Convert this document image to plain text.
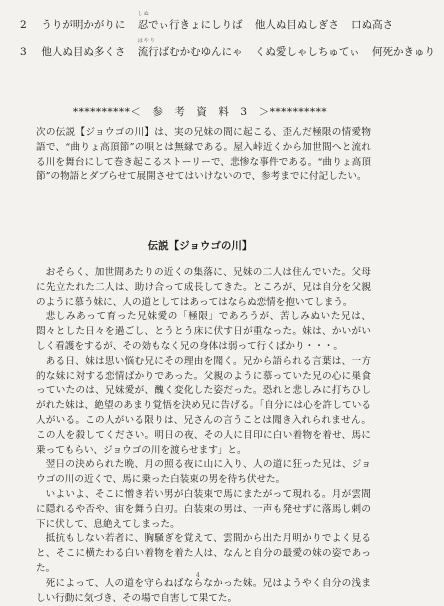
2 うりが明かがりに
しぬ
忍でぃ行きょにしりば 他人ぬ目ぬしぎさ 口ぬ高さ
3 他人ぬ目ぬ多くさ
はやり
流行ばむかむゆんにゃ くぬ愛しゃしちゅてぃ 何死かきゅり
**********＜　参　考　資　料　3　＞**********

次の伝説【ジョウゴの川】は、実の兄妹の間に起こる、歪んだ極限の情愛物語で、“曲りょ高頂節”の唄とは無縁である。屋入峠近くから加世間へと流れる川を舞台にして巻き起こるストーリーで、悲惨な事件である。“曲りょ高頂節”の物語とダブらせて展開させてはいけないので、参考までに付記したい。

伝説【ジョウゴの川】

おそらく、加世間あたりの近くの集落に、兄妹の二人は住んでいた。父母に先立たれた二人は、助け合って成長してきた。ところが、兄は自分を父親のように慕う妹に、人の道としてはあってはならぬ恋情を抱いてしまう。

悲しみあって育った兄妹愛の「極限」であろうが、苦しみぬいた兄は、悶々とした日々を過ごし、とうとう床に伏す日が重なった。妹は、かいがいしく看護をするが、その効もなく兄の身体は弱って行くばかり・・・。

ある日、妹は思い悩む兄にその理由を聞く。兄から語られる言葉は、一方的な妹に対する恋情ばかりであった。父親のように慕っていた兄の心に巣食っていたのは、兄妹愛が、醜く変化した姿だった。恐れと悲しみに打ちひしがれた妹は、絶望のあまり覚悟を決め兄に告げる。「自分には心を許している人がいる。この人がいる限りは、兄さんの言うことは聞き入れられません。この人を殺してください。明日の夜、その人に目印に白い着物を着せ、馬に乗ってもらい、ジョウゴの川を渡らせます」と。

翌日の決められた晩、月の照る夜に山に入り、人の道に狂った兄は、ジョウゴの川の近くで、馬に乗った白装束の男を待ち伏せた。

いよいよ、そこに憎き若い男が白装束で馬にまたがって現れる。月が雲間に隠れるや否や、宙を舞う白刃。白装束の男は、一声も発せずに落馬し刺の下に伏して、息絶えてしまった。

抵抗もしない若者に、胸騒ぎを覚えて、雲間から出た月明かりでよく見ると、そこに横たわる白い着物を着た人は、なんと自分の最愛の妹の姿であった。

死によって、人の道を守らねばならなかった妹。兄はようやく自分の浅ましい行動に気づき、その場で自害して果てた。

4
